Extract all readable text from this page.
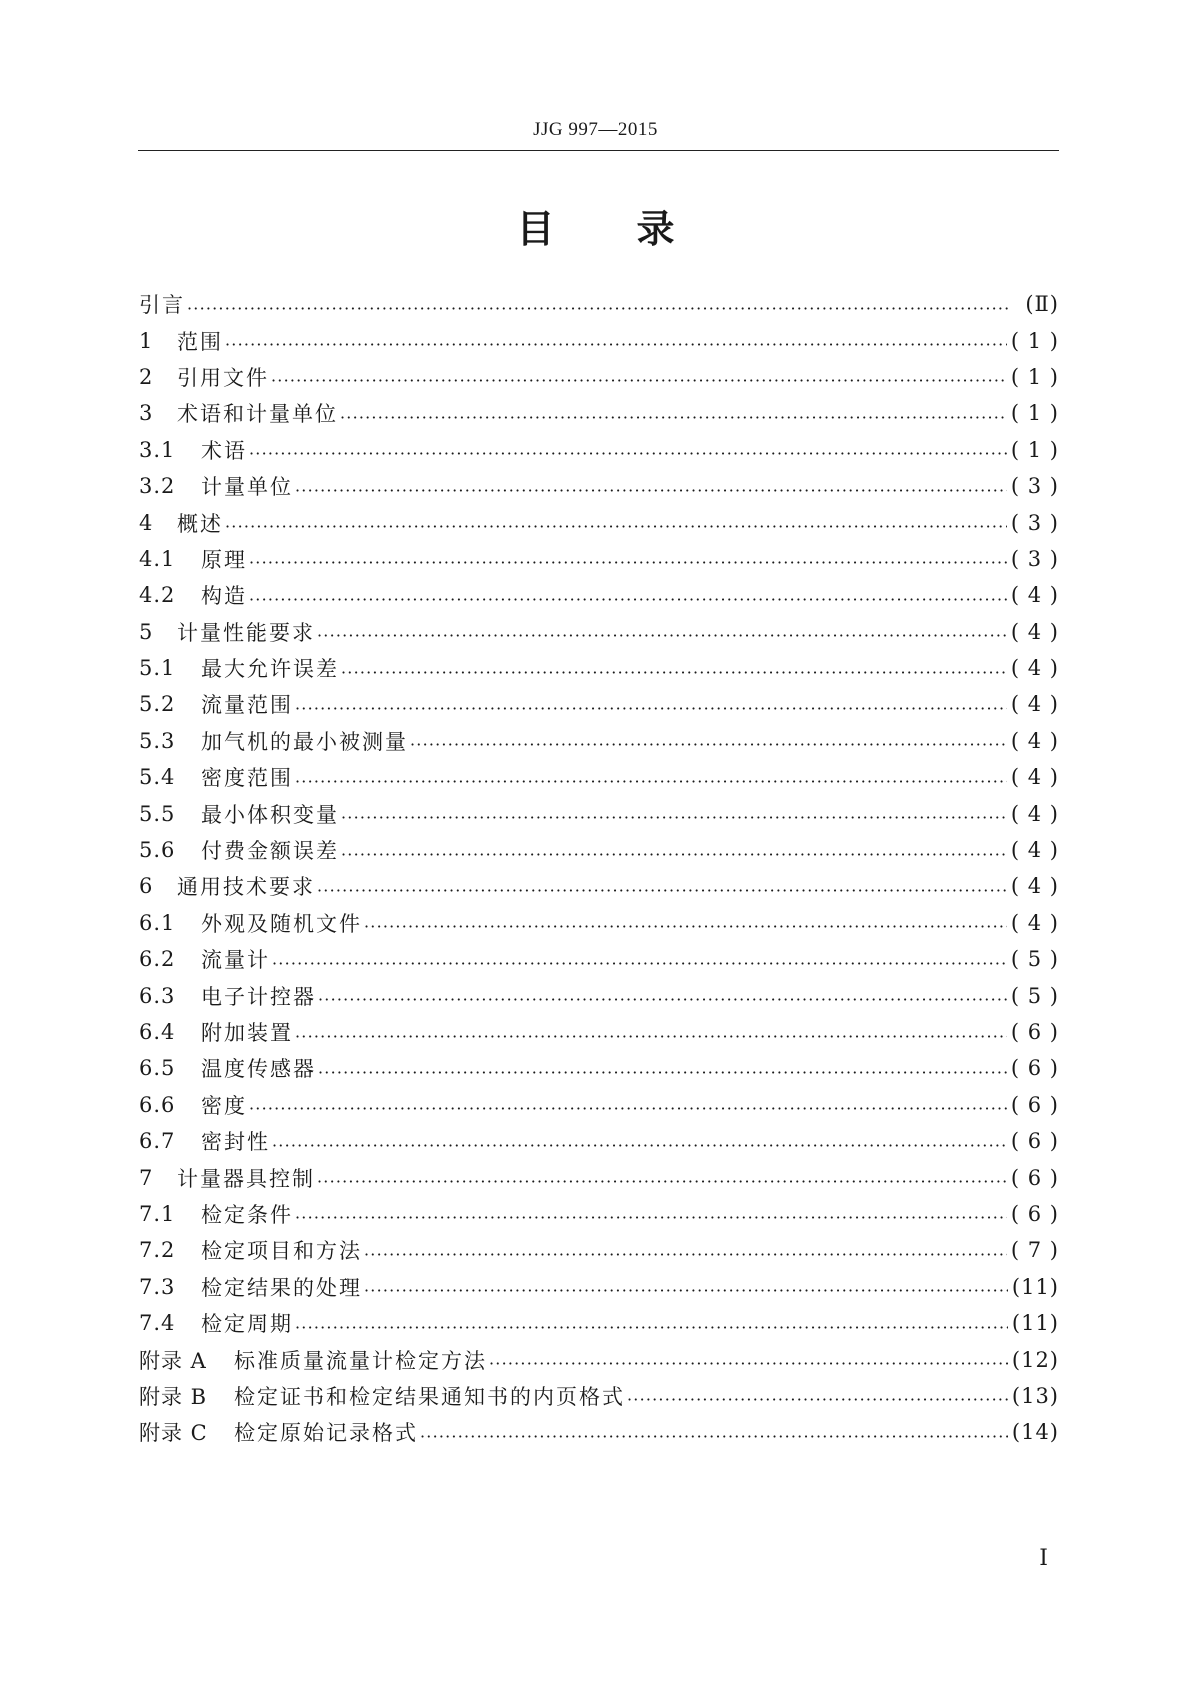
JJG 997—2015
目 录
引言 ·····	(Ⅱ)
1	范围 ·····	( 1 )
2	引用文件 ·····	( 1 )
3	术语和计量单位 ·····	( 1 )
3.1	术语 ·····	( 1 )
3.2	计量单位 ·····	( 3 )
4	概述 ·····	( 3 )
4.1	原理 ·····	( 3 )
4.2	构造 ·····	( 4 )
5	计量性能要求 ·····	( 4 )
5.1	最大允许误差 ·····	( 4 )
5.2	流量范围 ·····	( 4 )
5.3	加气机的最小被测量 ·····	( 4 )
5.4	密度范围 ·····	( 4 )
5.5	最小体积变量 ·····	( 4 )
5.6	付费金额误差 ·····	( 4 )
6	通用技术要求 ·····	( 4 )
6.1	外观及随机文件 ·····	( 4 )
6.2	流量计 ·····	( 5 )
6.3	电子计控器 ·····	( 5 )
6.4	附加装置 ·····	( 6 )
6.5	温度传感器 ·····	( 6 )
6.6	密度 ·····	( 6 )
6.7	密封性 ·····	( 6 )
7	计量器具控制 ·····	( 6 )
7.1	检定条件 ·····	( 6 )
7.2	检定项目和方法 ·····	( 7 )
7.3	检定结果的处理 ·····	(11)
7.4	检定周期 ·····	(11)
附录 A	标准质量流量计检定方法 ·····	(12)
附录 B	检定证书和检定结果通知书的内页格式 ·····	(13)
附录 C	检定原始记录格式 ·····	(14)
I
